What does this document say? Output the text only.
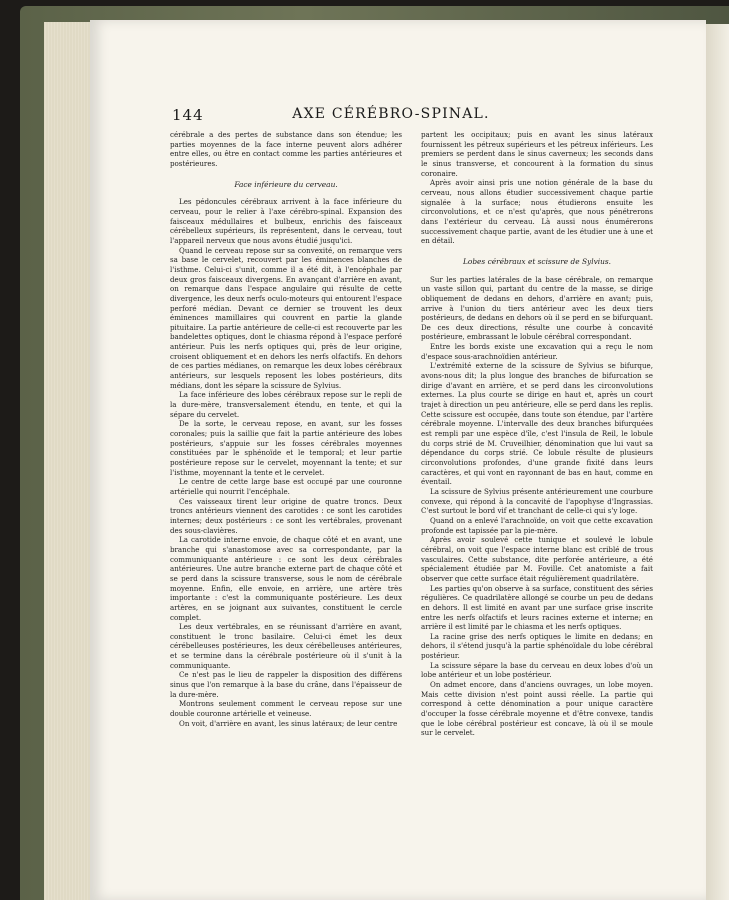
144	AXE CÉRÉBRO-SPINAL.

cérébrale a des pertes de substance dans son étendue; les parties moyennes de la face interne peuvent alors adhérer entre elles, ou être en contact comme les parties antérieures et postérieures.

Face inférieure du cerveau.

Les pédoncules cérébraux arrivent à la face inférieure du cerveau, pour le relier à l'axe cérébro-spinal. Expansion des faisceaux médullaires et bulbeux, enrichis des faisceaux cérébelleux supérieurs, ils représentent, dans le cerveau, tout l'appareil nerveux que nous avons étudié jusqu'ici.

Quand le cerveau repose sur sa convexité, on remarque vers sa base le cervelet, recouvert par les éminences blanches de l'isthme. Celui-ci s'unit, comme il a été dit, à l'encéphale par deux gros faisceaux divergens. En avançant d'arrière en avant, on remarque dans l'espace angulaire qui résulte de cette divergence, les deux nerfs oculo-moteurs qui entourent l'espace perforé médian. Devant ce dernier se trouvent les deux éminences mamillaires qui couvrent en partie la glande pituitaire. La partie antérieure de celle-ci est recouverte par les bandelettes optiques, dont le chiasma répond à l'espace perforé antérieur. Puis les nerfs optiques qui, près de leur origine, croisent obliquement et en dehors les nerfs olfactifs. En dehors de ces parties médianes, on remarque les deux lobes cérébraux antérieurs, sur lesquels reposent les lobes postérieurs, dits médians, dont les sépare la scissure de Sylvius.

La face inférieure des lobes cérébraux repose sur le repli de la dure-mère, transversalement étendu, en tente, et qui la sépare du cervelet.

De la sorte, le cerveau repose, en avant, sur les fosses coronales; puis la saillie que fait la partie antérieure des lobes postérieurs, s'appuie sur les fosses cérébrales moyennes constituées par le sphénoïde et le temporal; et leur partie postérieure repose sur le cervelet, moyennant la tente; et sur l'isthme, moyennant la tente et le cervelet.

Le centre de cette large base est occupé par une couronne artérielle qui nourrit l'encéphale.

Ces vaisseaux tirent leur origine de quatre troncs. Deux troncs antérieurs viennent des carotides : ce sont les carotides internes; deux postérieurs : ce sont les vertébrales, provenant des sous-clavières.

La carotide interne envoie, de chaque côté et en avant, une branche qui s'anastomose avec sa correspondante, par la communiquante antérieure : ce sont les deux cérébrales antérieures. Une autre branche externe part de chaque côté et se perd dans la scissure transverse, sous le nom de cérébrale moyenne. Enfin, elle envoie, en arrière, une artère très importante : c'est la communiquante postérieure. Les deux artères, en se joignant aux suivantes, constituent le cercle complet.

Les deux vertébrales, en se réunissant d'arrière en avant, constituent le tronc basilaire. Celui-ci émet les deux cérébelleuses postérieures, les deux cérébelleuses antérieures, et se termine dans la cérébrale postérieure où il s'unit à la communiquante.

Ce n'est pas le lieu de rappeler la disposition des différens sinus que l'on remarque à la base du crâne, dans l'épaisseur de la dure-mère.

Montrons seulement comment le cerveau repose sur une double couronne artérielle et veineuse.

On voit, d'arrière en avant, les sinus latéraux; de leur centre

partent les occipitaux; puis en avant les sinus latéraux fournissent les pétreux supérieurs et les pétreux inférieurs. Les premiers se perdent dans le sinus caverneux; les seconds dans le sinus transverse, et concourent à la formation du sinus coronaire.

Après avoir ainsi pris une notion générale de la base du cerveau, nous allons étudier successivement chaque partie signalée à la surface; nous étudierons ensuite les circonvolutions, et ce n'est qu'après, que nous pénétrerons dans l'extérieur du cerveau. Là aussi nous énumérerons successivement chaque partie, avant de les étudier une à une et en détail.

Lobes cérébraux et scissure de Sylvius.

Sur les parties latérales de la base cérébrale, on remarque un vaste sillon qui, partant du centre de la masse, se dirige obliquement de dedans en dehors, d'arrière en avant; puis, arrive à l'union du tiers antérieur avec les deux tiers postérieurs, de dedans en dehors où il se perd en se bifurquant. De ces deux directions, résulte une courbe à concavité postérieure, embrassant le lobule cérébral correspondant.

Entre les bords existe une excavation qui a reçu le nom d'espace sous-arachnoïdien antérieur.

L'extrémité externe de la scissure de Sylvius se bifurque, avons-nous dit; la plus longue des branches de bifurcation se dirige d'avant en arrière, et se perd dans les circonvolutions externes. La plus courte se dirige en haut et, après un court trajet à direction un peu antérieure, elle se perd dans les replis. Cette scissure est occupée, dans toute son étendue, par l'artère cérébrale moyenne. L'intervalle des deux branches bifurquées est rempli par une espèce d'île, c'est l'insula de Reil, le lobule du corps strié de M. Cruveilhier, dénomination que lui vaut sa dépendance du corps strié. Ce lobule résulte de plusieurs circonvolutions profondes, d'une grande fixité dans leurs caractères, et qui vont en rayonnant de bas en haut, comme en éventail.

La scissure de Sylvius présente antérieurement une courbure convexe, qui répond à la concavité de l'apophyse d'Ingrassias. C'est surtout le bord vif et tranchant de celle-ci qui s'y loge.

Quand on a enlevé l'arachnoïde, on voit que cette excavation profonde est tapissée par la pie-mère.

Après avoir soulevé cette tunique et soulevé le lobule cérébral, on voit que l'espace interne blanc est criblé de trous vasculaires. Cette substance, dite perforée antérieure, a été spécialement étudiée par M. Foville. Cet anatomiste a fait observer que cette surface était régulièrement quadrilatère.

Les parties qu'on observe à sa surface, constituent des séries régulières. Ce quadrilatère allongé se courbe un peu de dedans en dehors. Il est limité en avant par une surface grise inscrite entre les nerfs olfactifs et leurs racines externe et interne; en arrière il est limité par le chiasma et les nerfs optiques.

La racine grise des nerfs optiques le limite en dedans; en dehors, il s'étend jusqu'à la partie sphénoïdale du lobe cérébral postérieur.

La scissure sépare la base du cerveau en deux lobes d'où un lobe antérieur et un lobe postérieur.

On admet encore, dans d'anciens ouvrages, un lobe moyen. Mais cette division n'est point aussi réelle. La partie qui correspond à cette dénomination a pour unique caractère d'occuper la fosse cérébrale moyenne et d'être convexe, tandis que le lobe cérébral postérieur est concave, là où il se moule sur le cervelet.
